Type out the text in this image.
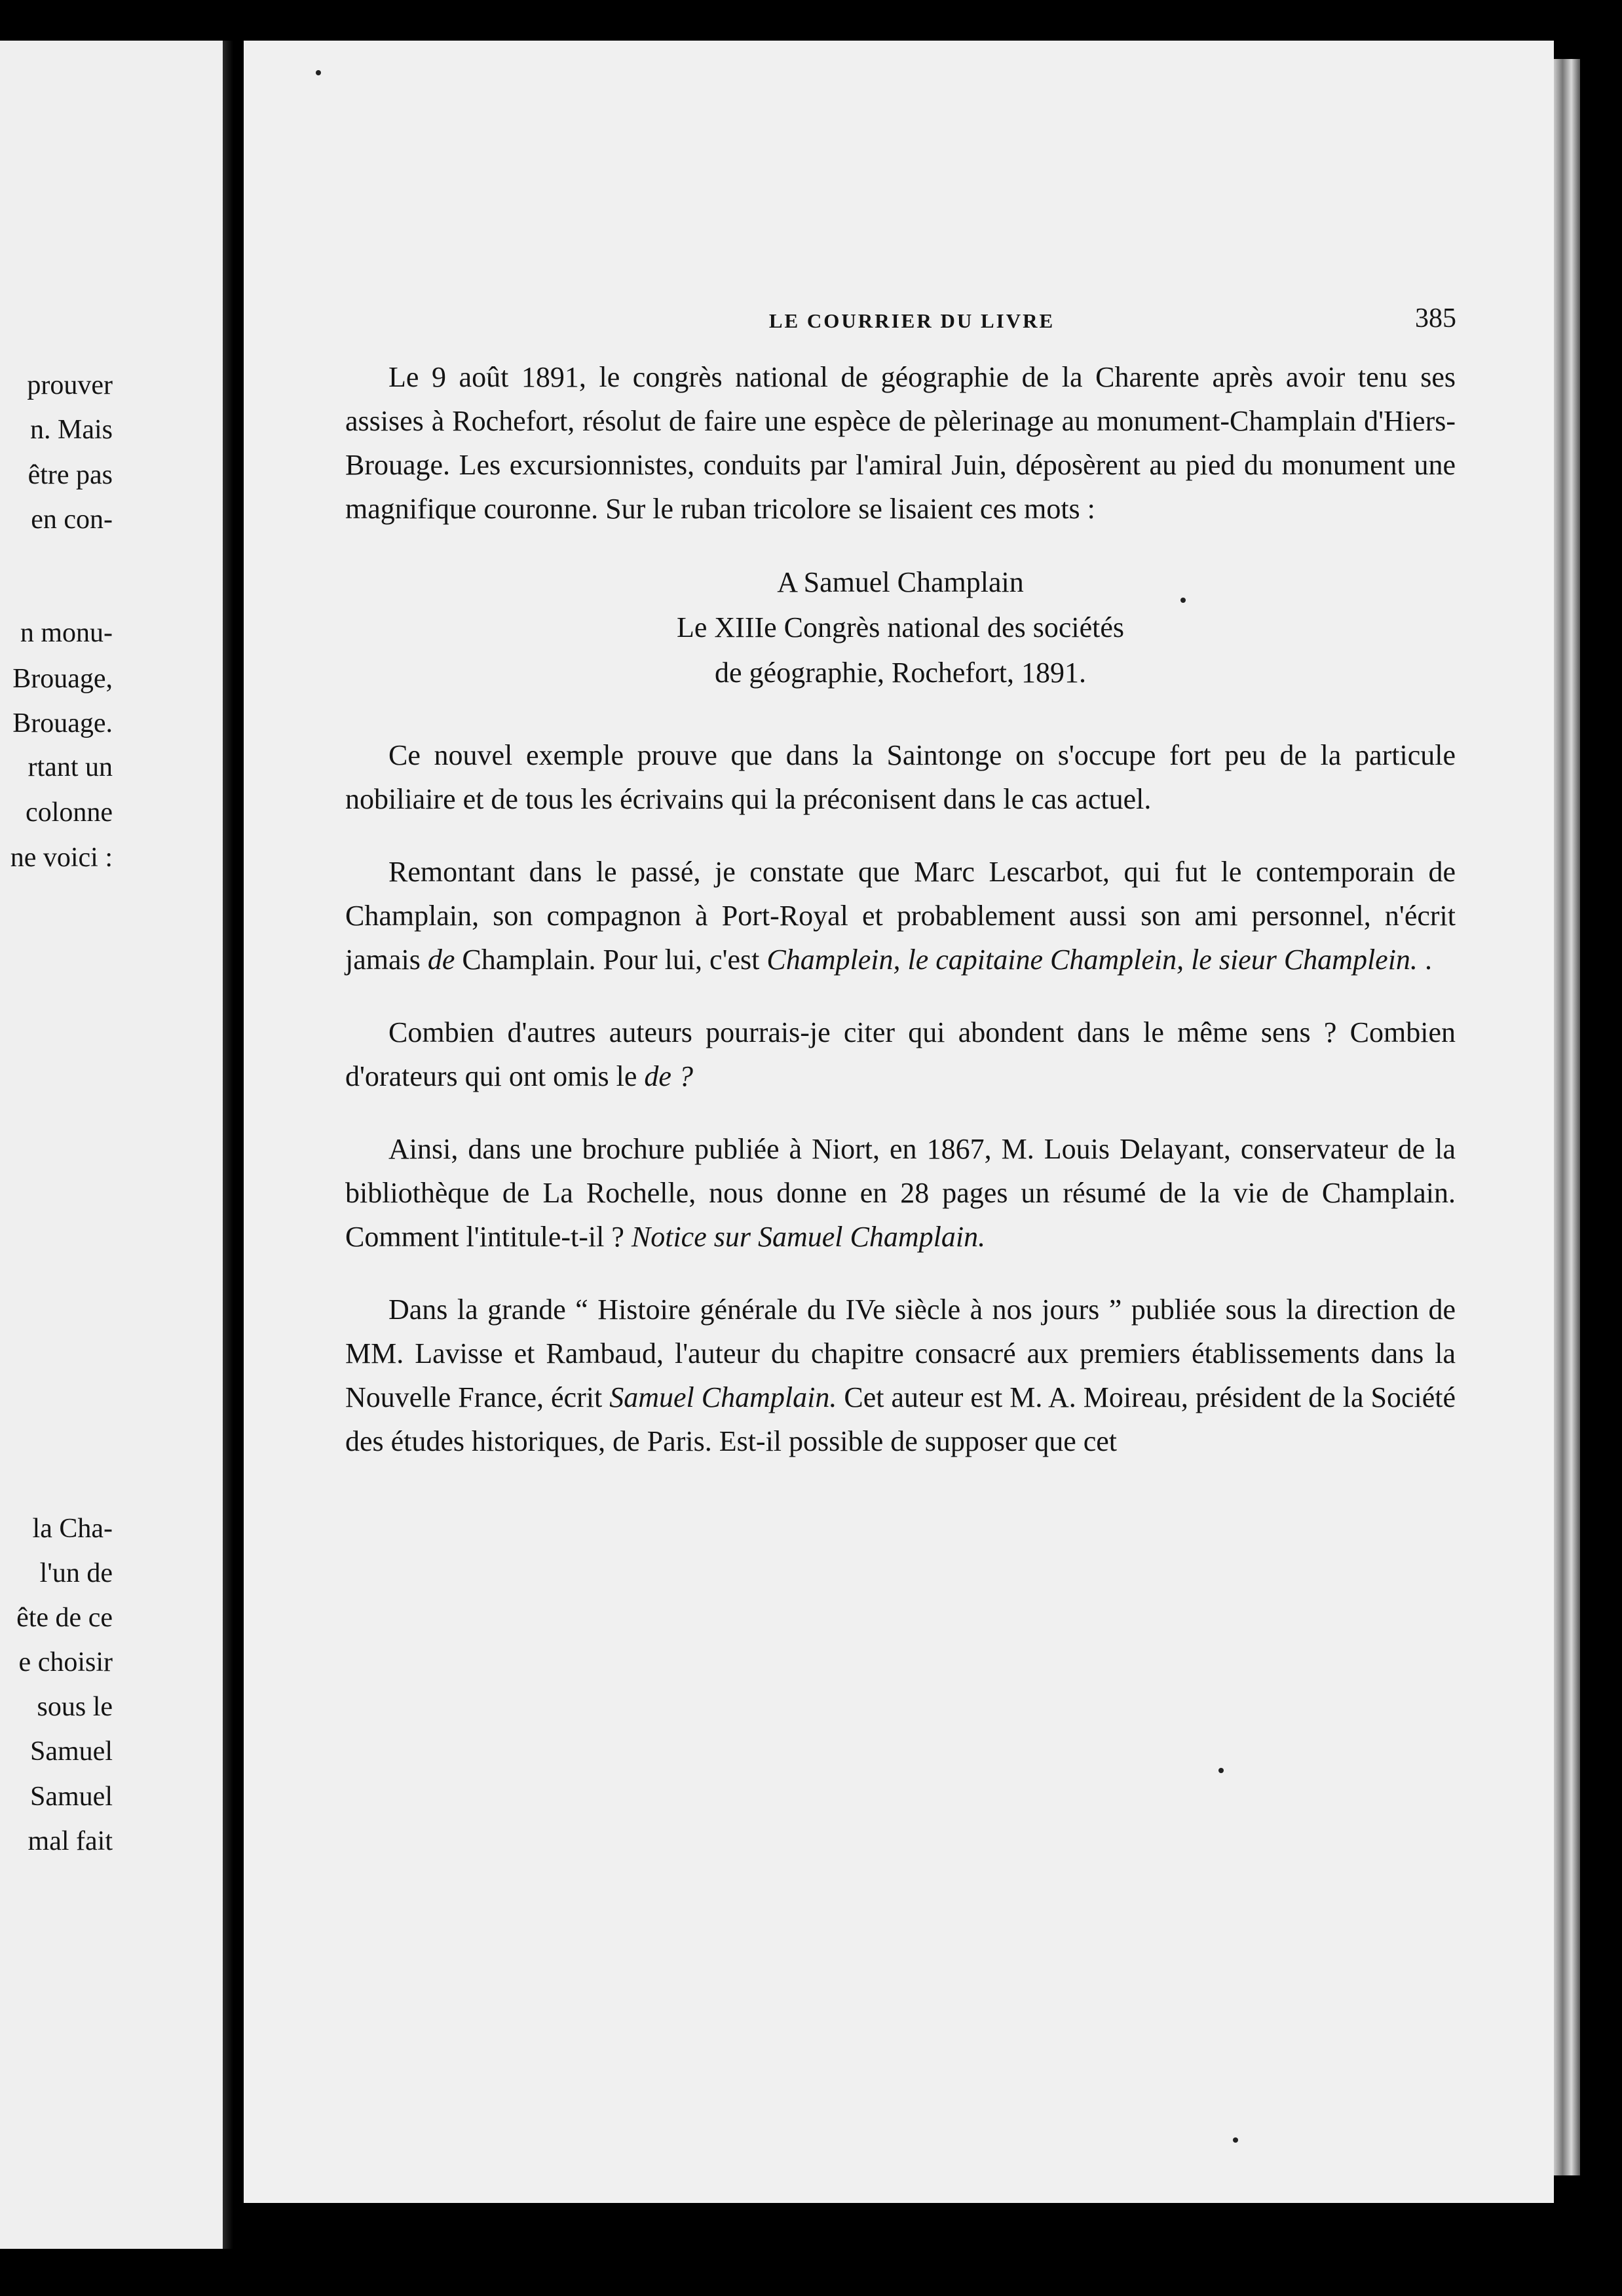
prouver
n. Mais
être pas
en con-
n monu-
Brouage,
Brouage.
rtant un
colonne
ne voici :
la Cha-
l'un de
ête de ce
e choisir
sous le
Samuel
Samuel
mal fait
LE COURRIER DU LIVRE	385

Le 9 août 1891, le congrès national de géographie de la Charente après avoir tenu ses assises à Rochefort, résolut de faire une espèce de pèlerinage au monument-Champlain d'Hiers-Brouage. Les excursionnistes, conduits par l'amiral Juin, déposèrent au pied du monument une magnifique couronne. Sur le ruban tricolore se lisaient ces mots :

A Samuel Champlain
Le XIIIe Congrès national des sociétés
de géographie, Rochefort, 1891.

Ce nouvel exemple prouve que dans la Saintonge on s'occupe fort peu de la particule nobiliaire et de tous les écrivains qui la préconisent dans le cas actuel.

Remontant dans le passé, je constate que Marc Lescarbot, qui fut le contemporain de Champlain, son compagnon à Port-Royal et probablement aussi son ami personnel, n'écrit jamais de Champlain. Pour lui, c'est Champlein, le capitaine Champlein, le sieur Champlein. .

Combien d'autres auteurs pourrais-je citer qui abondent dans le même sens ? Combien d'orateurs qui ont omis le de ?

Ainsi, dans une brochure publiée à Niort, en 1867, M. Louis Delayant, conservateur de la bibliothèque de La Rochelle, nous donne en 28 pages un résumé de la vie de Champlain. Comment l'intitule-t-il ? Notice sur Samuel Champlain.

Dans la grande “ Histoire générale du IVe siècle à nos jours ” publiée sous la direction de MM. Lavisse et Rambaud, l'auteur du chapitre consacré aux premiers établissements dans la Nouvelle France, écrit Samuel Champlain. Cet auteur est M. A. Moireau, président de la Société des études historiques, de Paris. Est-il possible de supposer que cet
